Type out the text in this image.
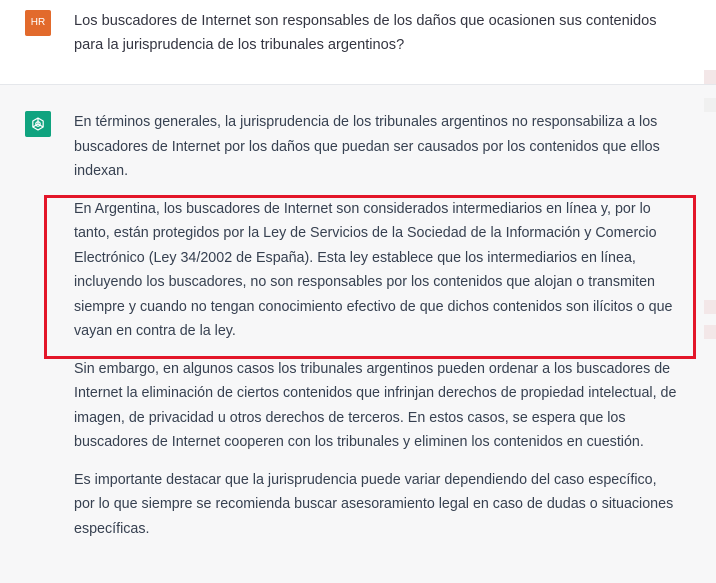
HR	Los buscadores de Internet son responsables de los daños que ocasionen sus contenidos para la jurisprudencia de los tribunales argentinos?

En términos generales, la jurisprudencia de los tribunales argentinos no responsabiliza a los buscadores de Internet por los daños que puedan ser causados por los contenidos que ellos indexan.

En Argentina, los buscadores de Internet son considerados intermediarios en línea y, por lo tanto, están protegidos por la Ley de Servicios de la Sociedad de la Información y Comercio Electrónico (Ley 34/2002 de España). Esta ley establece que los intermediarios en línea, incluyendo los buscadores, no son responsables por los contenidos que alojan o transmiten siempre y cuando no tengan conocimiento efectivo de que dichos contenidos son ilícitos o que vayan en contra de la ley.

Sin embargo, en algunos casos los tribunales argentinos pueden ordenar a los buscadores de Internet la eliminación de ciertos contenidos que infrinjan derechos de propiedad intelectual, de imagen, de privacidad u otros derechos de terceros. En estos casos, se espera que los buscadores de Internet cooperen con los tribunales y eliminen los contenidos en cuestión.

Es importante destacar que la jurisprudencia puede variar dependiendo del caso específico, por lo que siempre se recomienda buscar asesoramiento legal en caso de dudas o situaciones específicas.
